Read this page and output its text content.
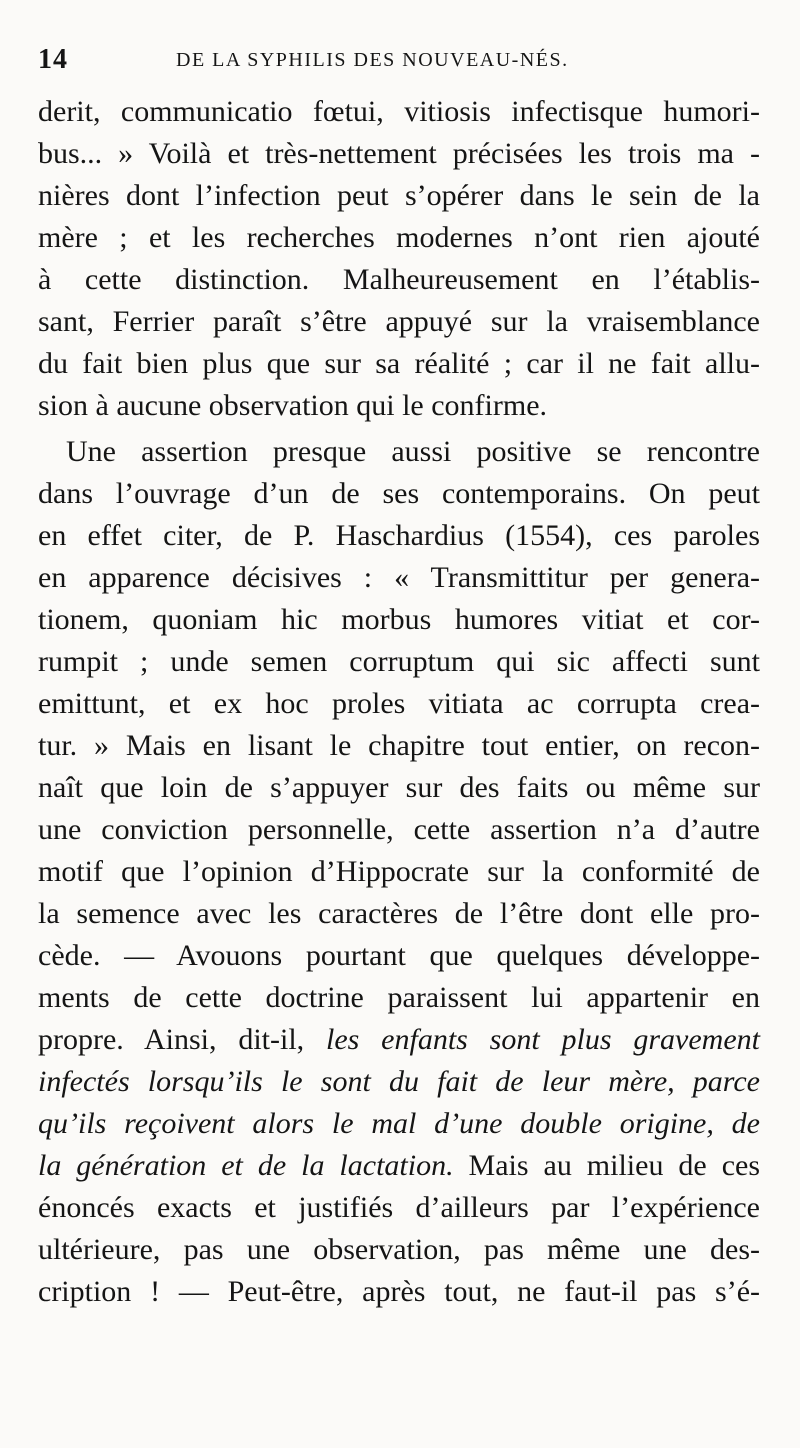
14	DE LA SYPHILIS DES NOUVEAU-NÉS.
derit, communicatio fœtui, vitiosis infectisque humori-
bus... » Voilà et très-nettement précisées les trois ma -
nières dont l’infection peut s’opérer dans le sein de la
mère ; et les recherches modernes n’ont rien ajouté
à cette distinction. Malheureusement en l’établis-
sant, Ferrier paraît s’être appuyé sur la vraisemblance
du fait bien plus que sur sa réalité ; car il ne fait allu-
sion à aucune observation qui le confirme.
Une assertion presque aussi positive se rencontre
dans l’ouvrage d’un de ses contemporains. On peut
en effet citer, de P. Haschardius (1554), ces paroles
en apparence décisives : « Transmittitur per genera-
tionem, quoniam hic morbus humores vitiat et cor-
rumpit ; unde semen corruptum qui sic affecti sunt
emittunt, et ex hoc proles vitiata ac corrupta crea-
tur. » Mais en lisant le chapitre tout entier, on recon-
naît que loin de s’appuyer sur des faits ou même sur
une conviction personnelle, cette assertion n’a d’autre
motif que l’opinion d’Hippocrate sur la conformité de
la semence avec les caractères de l’être dont elle pro-
cède. — Avouons pourtant que quelques développe-
ments de cette doctrine paraissent lui appartenir en
propre. Ainsi, dit-il, les enfants sont plus gravement
infectés lorsqu’ils le sont du fait de leur mère, parce
qu’ils reçoivent alors le mal d’une double origine, de
la génération et de la lactation. Mais au milieu de ces
énoncés exacts et justifiés d’ailleurs par l’expérience
ultérieure, pas une observation, pas même une des-
cription ! — Peut-être, après tout, ne faut-il pas s’é-
